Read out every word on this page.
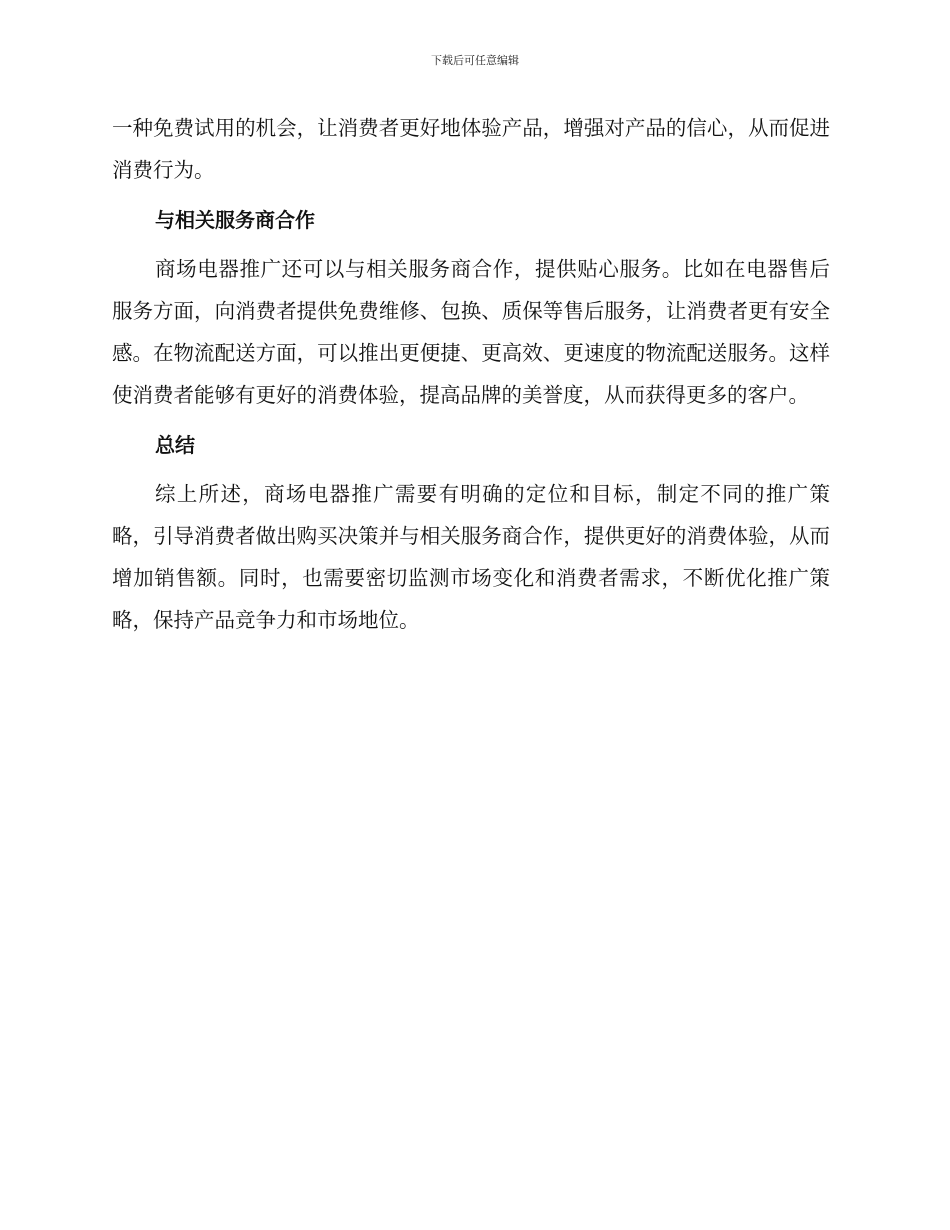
下载后可任意编辑

一种免费试用的机会，让消费者更好地体验产品，增强对产品的信心，从而促进消费行为。

与相关服务商合作

商场电器推广还可以与相关服务商合作，提供贴心服务。比如在电器售后服务方面，向消费者提供免费维修、包换、质保等售后服务，让消费者更有安全感。在物流配送方面，可以推出更便捷、更高效、更速度的物流配送服务。这样使消费者能够有更好的消费体验，提高品牌的美誉度，从而获得更多的客户。

总结

综上所述，商场电器推广需要有明确的定位和目标，制定不同的推广策略，引导消费者做出购买决策并与相关服务商合作，提供更好的消费体验，从而增加销售额。同时，也需要密切监测市场变化和消费者需求，不断优化推广策略，保持产品竞争力和市场地位。
